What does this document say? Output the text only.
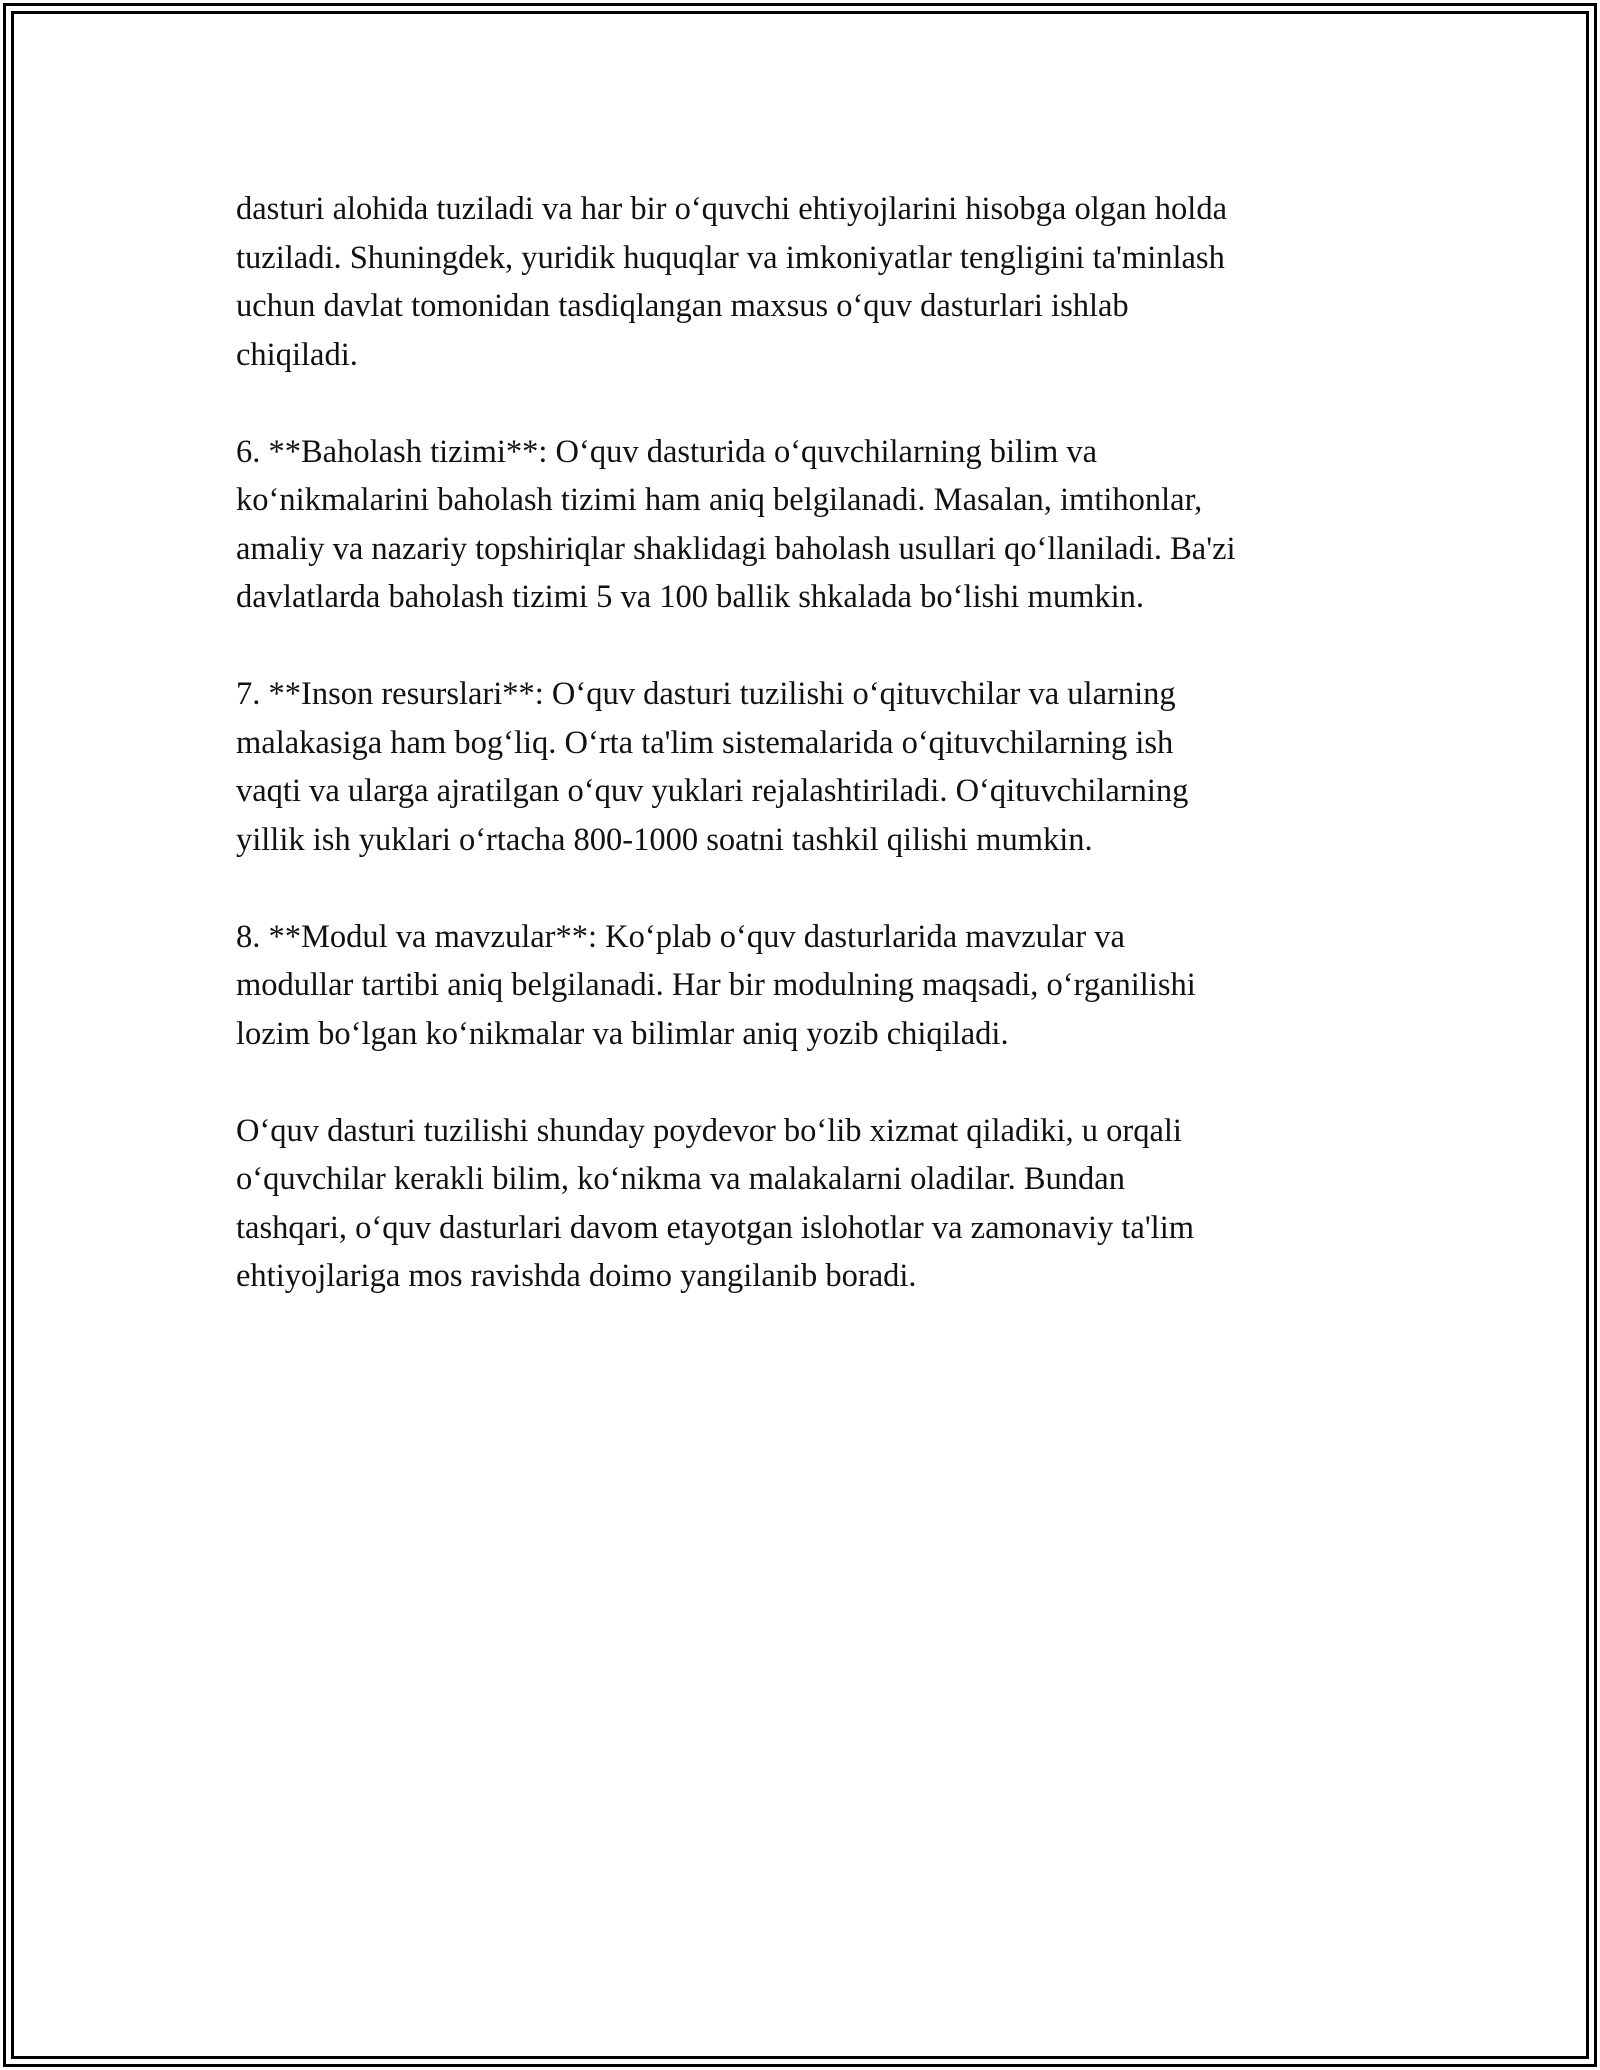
dasturi alohida tuziladi va har bir o‘quvchi ehtiyojlarini hisobga olgan holda
tuziladi. Shuningdek, yuridik huquqlar va imkoniyatlar tengligini ta'minlash
uchun davlat tomonidan tasdiqlangan maxsus o‘quv dasturlari ishlab
chiqiladi.

6. **Baholash tizimi**: O‘quv dasturida o‘quvchilarning bilim va
ko‘nikmalarini baholash tizimi ham aniq belgilanadi. Masalan, imtihonlar,
amaliy va nazariy topshiriqlar shaklidagi baholash usullari qo‘llaniladi. Ba'zi
davlatlarda baholash tizimi 5 va 100 ballik shkalada bo‘lishi mumkin.

7. **Inson resurslari**: O‘quv dasturi tuzilishi o‘qituvchilar va ularning
malakasiga ham bog‘liq. O‘rta ta'lim sistemalarida o‘qituvchilarning ish
vaqti va ularga ajratilgan o‘quv yuklari rejalashtiriladi. O‘qituvchilarning
yillik ish yuklari o‘rtacha 800-1000 soatni tashkil qilishi mumkin.

8. **Modul va mavzular**: Ko‘plab o‘quv dasturlarida mavzular va
modullar tartibi aniq belgilanadi. Har bir modulning maqsadi, o‘rganilishi
lozim bo‘lgan ko‘nikmalar va bilimlar aniq yozib chiqiladi.

O‘quv dasturi tuzilishi shunday poydevor bo‘lib xizmat qiladiki, u orqali
o‘quvchilar kerakli bilim, ko‘nikma va malakalarni oladilar. Bundan
tashqari, o‘quv dasturlari davom etayotgan islohotlar va zamonaviy ta'lim
ehtiyojlariga mos ravishda doimo yangilanib boradi.
